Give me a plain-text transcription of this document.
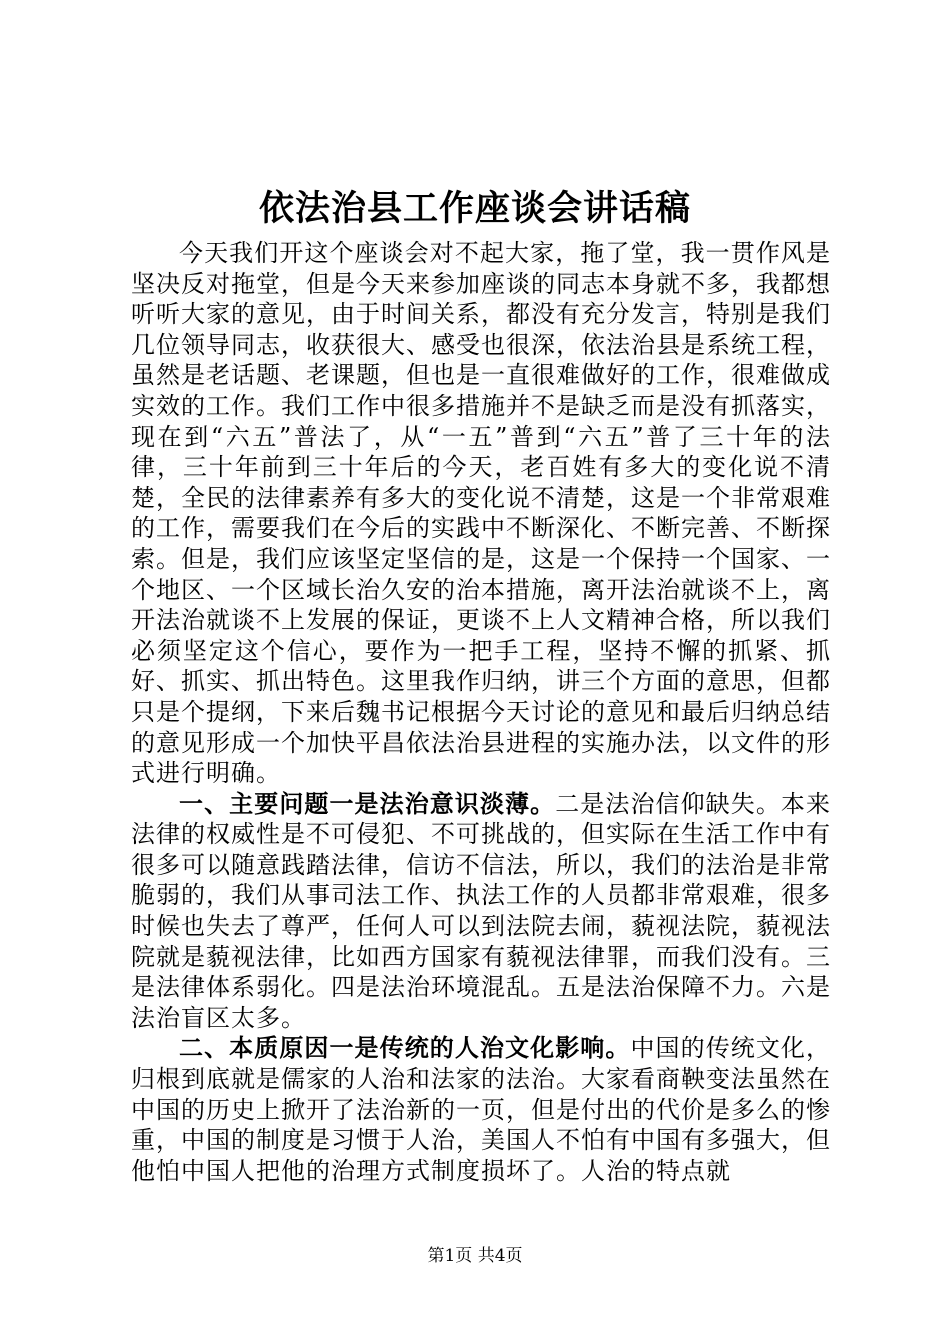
依法治县工作座谈会讲话稿

今天我们开这个座谈会对不起大家，拖了堂，我一贯作风是坚决反对拖堂，但是今天来参加座谈的同志本身就不多，我都想听听大家的意见，由于时间关系，都没有充分发言，特别是我们几位领导同志，收获很大、感受也很深，依法治县是系统工程，虽然是老话题、老课题，但也是一直很难做好的工作，很难做成实效的工作。我们工作中很多措施并不是缺乏而是没有抓落实，现在到“六五”普法了，从“一五”普到“六五”普了三十年的法律，三十年前到三十年后的今天，老百姓有多大的变化说不清楚，全民的法律素养有多大的变化说不清楚，这是一个非常艰难的工作，需要我们在今后的实践中不断深化、不断完善、不断探索。但是，我们应该坚定坚信的是，这是一个保持一个国家、一个地区、一个区域长治久安的治本措施，离开法治就谈不上，离开法治就谈不上发展的保证，更谈不上人文精神合格，所以我们必须坚定这个信心，要作为一把手工程，坚持不懈的抓紧、抓好、抓实、抓出特色。这里我作归纳，讲三个方面的意思，但都只是个提纲，下来后魏书记根据今天讨论的意见和最后归纳总结的意见形成一个加快平昌依法治县进程的实施办法，以文件的形式进行明确。

一、主要问题一是法治意识淡薄。二是法治信仰缺失。本来法律的权威性是不可侵犯、不可挑战的，但实际在生活工作中有很多可以随意践踏法律，信访不信法，所以，我们的法治是非常脆弱的，我们从事司法工作、执法工作的人员都非常艰难，很多时候也失去了尊严，任何人可以到法院去闹，藐视法院，藐视法院就是藐视法律，比如西方国家有藐视法律罪，而我们没有。三是法律体系弱化。四是法治环境混乱。五是法治保障不力。六是法治盲区太多。

二、本质原因一是传统的人治文化影响。中国的传统文化，归根到底就是儒家的人治和法家的法治。大家看商鞅变法虽然在中国的历史上掀开了法治新的一页，但是付出的代价是多么的惨重，中国的制度是习惯于人治，美国人不怕有中国有多强大，但他怕中国人把他的治理方式制度损坏了。人治的特点就

第1页 共4页
